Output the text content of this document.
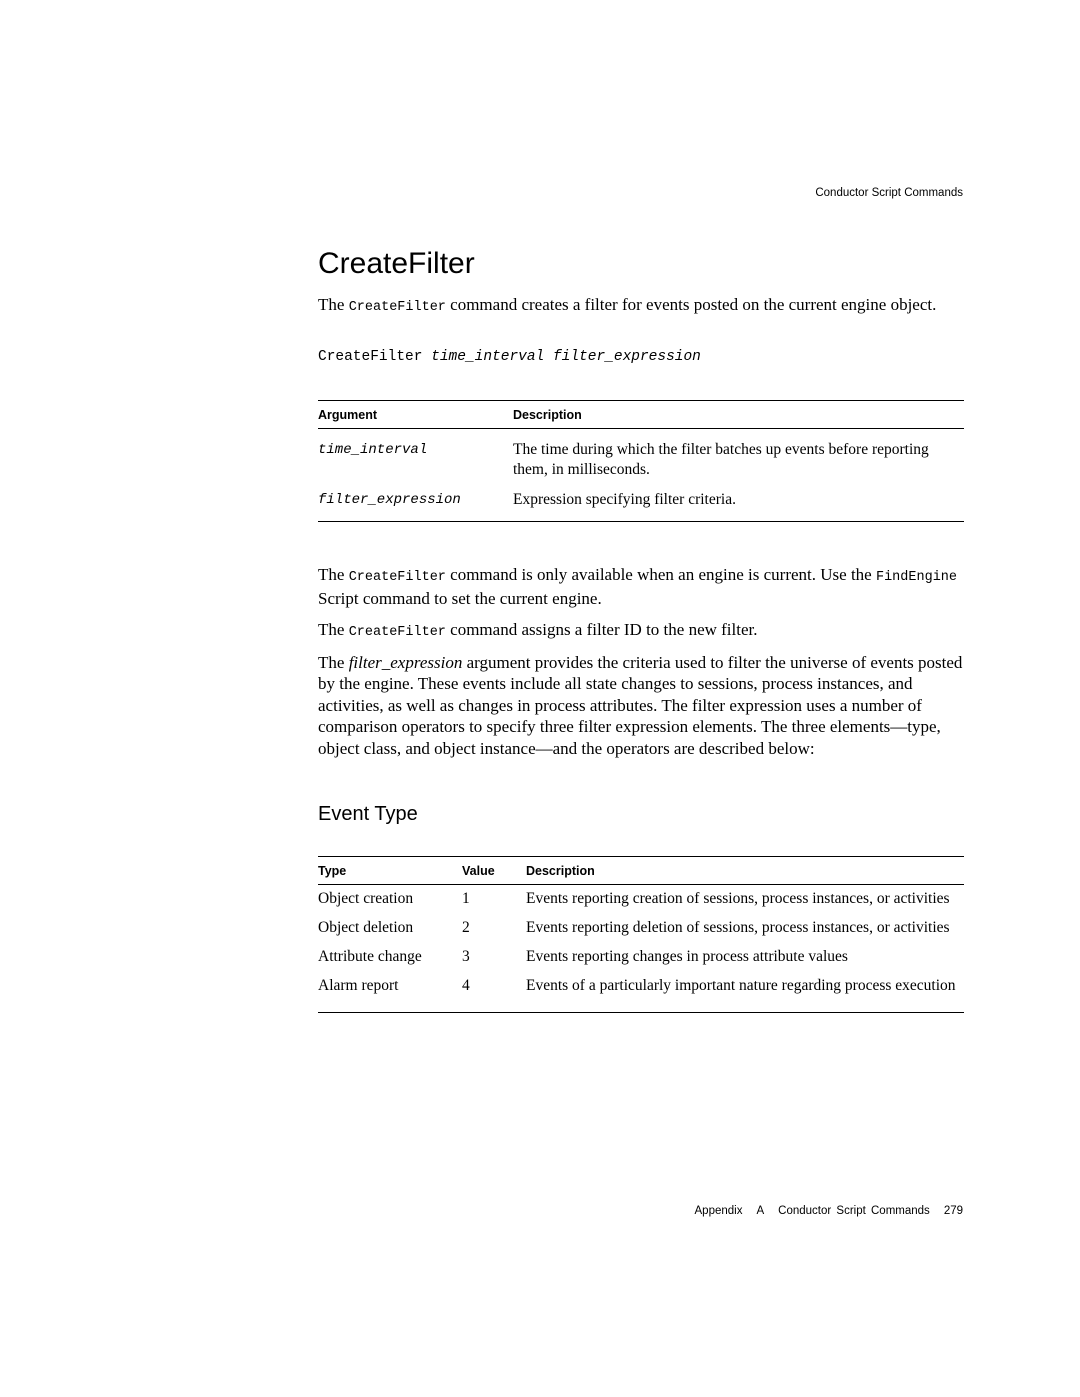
Conductor Script Commands
CreateFilter

The CreateFilter command creates a filter for events posted on the current engine object.

CreateFilter time_interval filter_expression
Argument	Description
time_interval	The time during which the filter batches up events before reporting them, in milliseconds.
filter_expression	Expression specifying filter criteria.

The CreateFilter command is only available when an engine is current. Use the FindEngine Script command to set the current engine.

The CreateFilter command assigns a filter ID to the new filter.

The filter_expression argument provides the criteria used to filter the universe of events posted by the engine. These events include all state changes to sessions, process instances, and activities, as well as changes in process attributes. The filter expression uses a number of comparison operators to specify three filter expression elements. The three elements—type, object class, and object instance—and the operators are described below:

Event Type
Type	Value	Description
Object creation	1	Events reporting creation of sessions, process instances, or activities
Object deletion	2	Events reporting deletion of sessions, process instances, or activities
Attribute change	3	Events reporting changes in process attribute values
Alarm report	4	Events of a particularly important nature regarding process execution
Appendix A Conductor Script Commands 279
